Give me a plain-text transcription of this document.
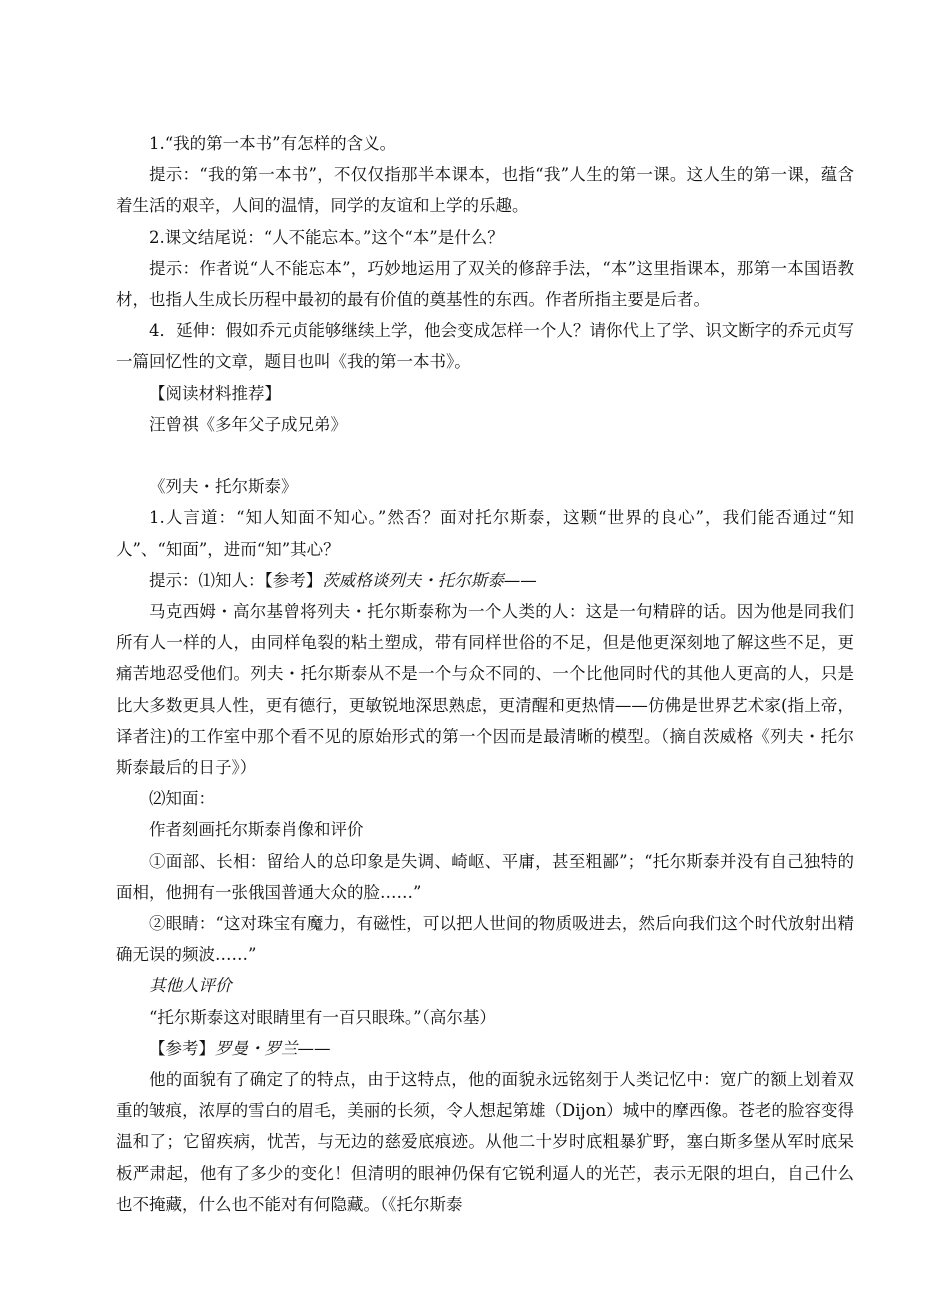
1.“我的第一本书”有怎样的含义。

提示：“我的第一本书”，不仅仅指那半本课本，也指“我”人生的第一课。这人生的第一课，蕴含着生活的艰辛，人间的温情，同学的友谊和上学的乐趣。

2.课文结尾说：“人不能忘本。”这个“本”是什么？

提示：作者说“人不能忘本”，巧妙地运用了双关的修辞手法，“本”这里指课本，那第一本国语教材，也指人生成长历程中最初的最有价值的奠基性的东西。作者所指主要是后者。

4．延伸：假如乔元贞能够继续上学，他会变成怎样一个人？请你代上了学、识文断字的乔元贞写一篇回忆性的文章，题目也叫《我的第一本书》。

【阅读材料推荐】

汪曾祺《多年父子成兄弟》

《列夫・托尔斯泰》

1.人言道：“知人知面不知心。”然否？面对托尔斯泰，这颗“世界的良心”，我们能否通过“知人”、“知面”，进而“知”其心？

提示：⑴知人：【参考】茨威格谈列夫・托尔斯泰——

马克西姆・高尔基曾将列夫・托尔斯泰称为一个人类的人：这是一句精辟的话。因为他是同我们所有人一样的人，由同样龟裂的粘土塑成，带有同样世俗的不足，但是他更深刻地了解这些不足，更痛苦地忍受他们。列夫・托尔斯泰从不是一个与众不同的、一个比他同时代的其他人更高的人，只是比大多数更具人性，更有德行，更敏锐地深思熟虑，更清醒和更热情——仿佛是世界艺术家(指上帝，译者注)的工作室中那个看不见的原始形式的第一个因而是最清晰的模型。（摘自茨威格《列夫・托尔斯泰最后的日子》）

⑵知面：

作者刻画托尔斯泰肖像和评价

①面部、长相：留给人的总印象是失调、崎岖、平庸，甚至粗鄙”；“托尔斯泰并没有自己独特的面相，他拥有一张俄国普通大众的脸……”

②眼睛：“这对珠宝有魔力，有磁性，可以把人世间的物质吸进去，然后向我们这个时代放射出精确无误的频波……”

其他人评价

“托尔斯泰这对眼睛里有一百只眼珠。”（高尔基）

【参考】罗曼・罗兰——

他的面貌有了确定了的特点，由于这特点，他的面貌永远铭刻于人类记忆中：宽广的额上划着双重的皱痕，浓厚的雪白的眉毛，美丽的长须，令人想起第雄（Dijon）城中的摩西像。苍老的脸容变得温和了；它留疾病，忧苦，与无边的慈爱底痕迹。从他二十岁时底粗暴犷野，塞白斯多堡从军时底呆板严肃起，他有了多少的变化！但清明的眼神仍保有它锐利逼人的光芒，表示无限的坦白，自己什么也不掩藏，什么也不能对有何隐藏。（《托尔斯泰
